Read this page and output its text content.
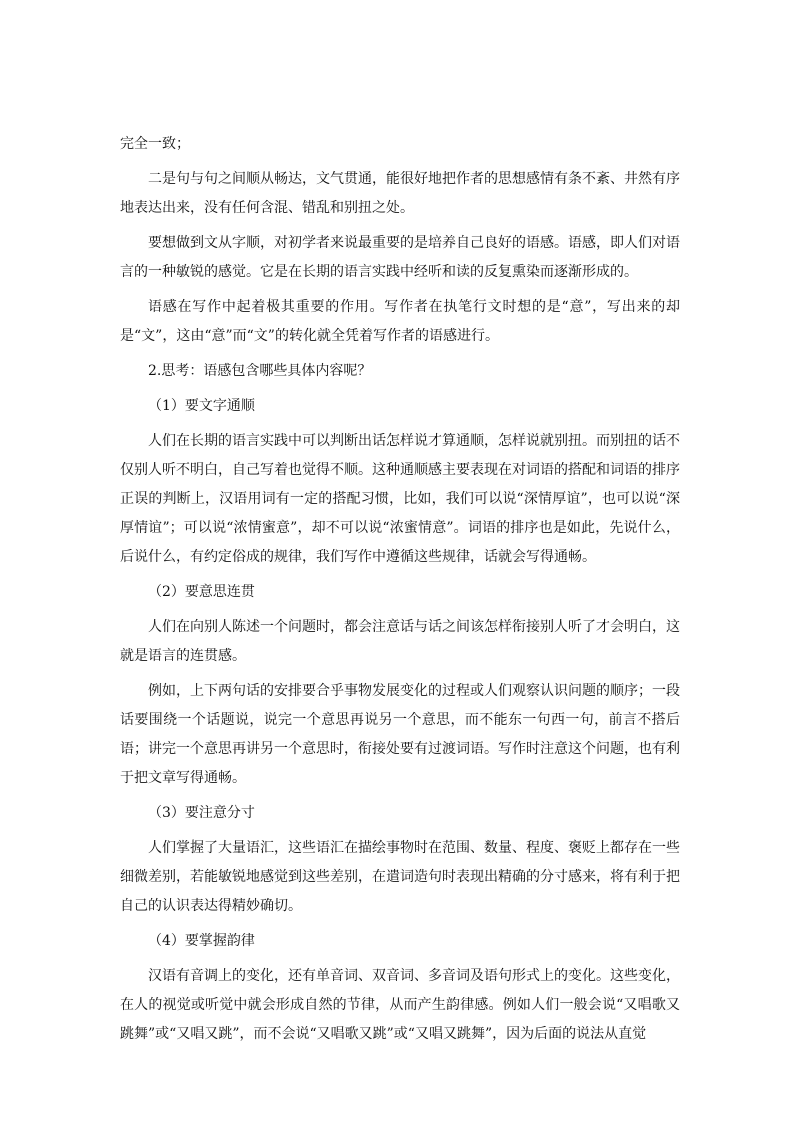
完全一致；

二是句与句之间顺从畅达，文气贯通，能很好地把作者的思想感情有条不紊、井然有序地表达出来，没有任何含混、错乱和别扭之处。

要想做到文从字顺，对初学者来说最重要的是培养自己良好的语感。语感，即人们对语言的一种敏锐的感觉。它是在长期的语言实践中经听和读的反复熏染而逐渐形成的。

语感在写作中起着极其重要的作用。写作者在执笔行文时想的是“意”，写出来的却是“文”，这由“意”而“文”的转化就全凭着写作者的语感进行。

2.思考：语感包含哪些具体内容呢？

（1）要文字通顺

人们在长期的语言实践中可以判断出话怎样说才算通顺，怎样说就别扭。而别扭的话不仅别人听不明白，自己写着也觉得不顺。这种通顺感主要表现在对词语的搭配和词语的排序正误的判断上，汉语用词有一定的搭配习惯，比如，我们可以说“深情厚谊”，也可以说“深厚情谊”；可以说“浓情蜜意”，却不可以说“浓蜜情意”。词语的排序也是如此，先说什么，后说什么，有约定俗成的规律，我们写作中遵循这些规律，话就会写得通畅。

（2）要意思连贯

人们在向别人陈述一个问题时，都会注意话与话之间该怎样衔接别人听了才会明白，这就是语言的连贯感。

例如，上下两句话的安排要合乎事物发展变化的过程或人们观察认识问题的顺序；一段话要围绕一个话题说，说完一个意思再说另一个意思，而不能东一句西一句，前言不搭后语；讲完一个意思再讲另一个意思时，衔接处要有过渡词语。写作时注意这个问题，也有利于把文章写得通畅。

（3）要注意分寸

人们掌握了大量语汇，这些语汇在描绘事物时在范围、数量、程度、褒贬上都存在一些细微差别，若能敏锐地感觉到这些差别，在遣词造句时表现出精确的分寸感来，将有利于把自己的认识表达得精妙确切。

（4）要掌握韵律

汉语有音调上的变化，还有单音词、双音词、多音词及语句形式上的变化。这些变化，在人的视觉或听觉中就会形成自然的节律，从而产生韵律感。例如人们一般会说“又唱歌又跳舞”或“又唱又跳”，而不会说“又唱歌又跳”或“又唱又跳舞”，因为后面的说法从直觉
